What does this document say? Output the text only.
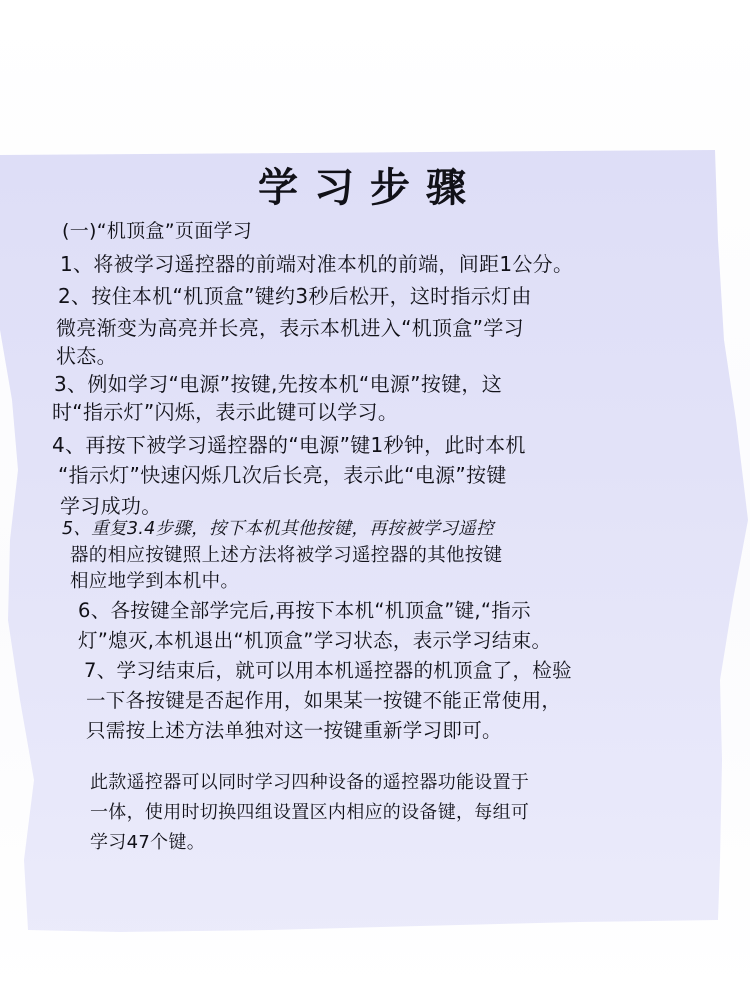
学习步骤
(一)“机顶盒”页面学习
1、将被学习遥控器的前端对准本机的前端，间距1公分。
2、按住本机“机顶盒”键约3秒后松开，这时指示灯由
微亮渐变为高亮并长亮，表示本机进入“机顶盒”学习
状态。
3、例如学习“电源”按键,先按本机“电源”按键，这
时“指示灯”闪烁，表示此键可以学习。
4、再按下被学习遥控器的“电源”键1秒钟，此时本机
“指示灯”快速闪烁几次后长亮，表示此“电源”按键
学习成功。
5、重复3.4步骤，按下本机其他按键，再按被学习遥控
器的相应按键照上述方法将被学习遥控器的其他按键
相应地学到本机中。
6、各按键全部学完后,再按下本机“机顶盒”键,“指示
灯”熄灭,本机退出“机顶盒”学习状态，表示学习结束。
7、学习结束后，就可以用本机遥控器的机顶盒了，检验
一下各按键是否起作用，如果某一按键不能正常使用，
只需按上述方法单独对这一按键重新学习即可。
此款遥控器可以同时学习四种设备的遥控器功能设置于
一体，使用时切换四组设置区内相应的设备键，每组可
学习47个键。
